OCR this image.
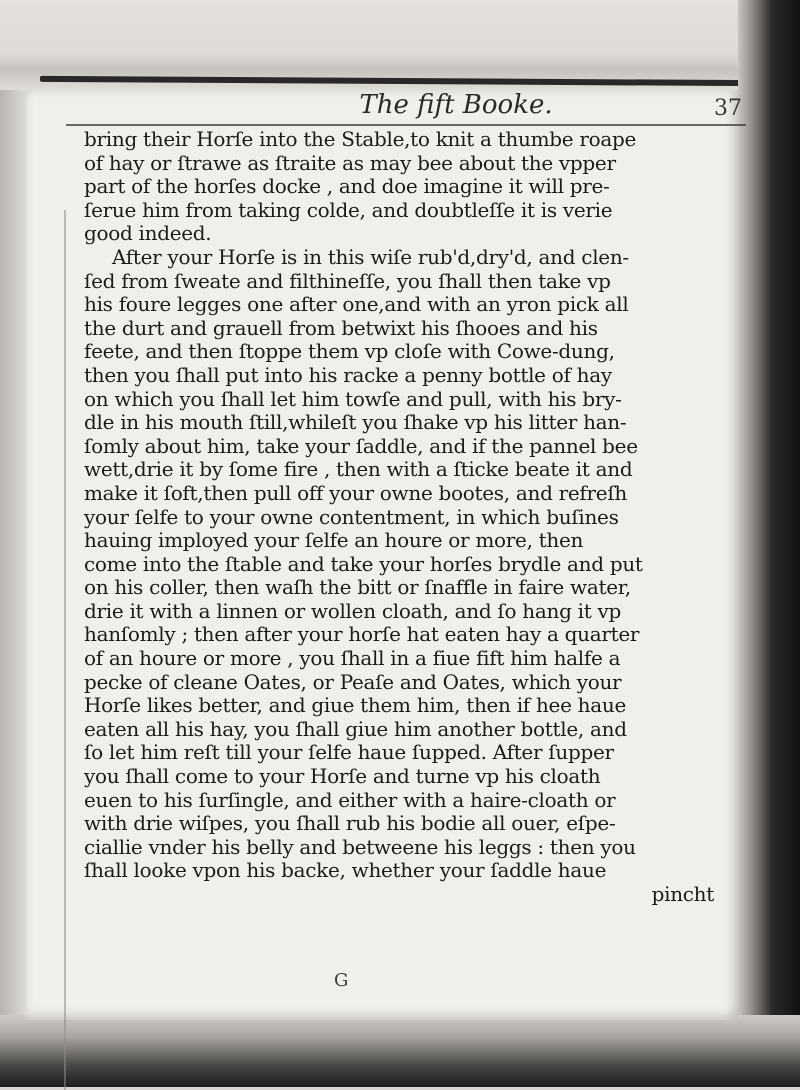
The fift Booke.	37
bring their Horſe into the Stable,to knit a thumbe roape
of hay or ſtrawe as ſtraite as may bee about the vpper
part of the horſes docke , and doe imagine it will pre-
ſerue him from taking colde, and doubtleſſe it is verie
good indeed.
After your Horſe is in this wiſe rub'd,dry'd, and clen-
ſed from ſweate and filthineſſe, you ſhall then take vp
his foure legges one after one,and with an yron pick all
the durt and grauell from betwixt his ſhooes and his
feete, and then ſtoppe them vp cloſe with Cowe-dung,
then you ſhall put into his racke a penny bottle of hay
on which you ſhall let him towſe and pull, with his bry-
dle in his mouth ſtill,whileſt you ſhake vp his litter han-
ſomly about him, take your ſaddle, and if the pannel bee
wett,drie it by ſome fire , then with a ſticke beate it and
make it ſoft,then pull off your owne bootes, and refreſh
your ſelfe to your owne contentment, in which buſines
hauing imployed your ſelfe an houre or more, then
come into the ſtable and take your horſes brydle and put
on his coller, then waſh the bitt or ſnaffle in faire water,
drie it with a linnen or wollen cloath, and ſo hang it vp
hanſomly ; then after your horſe hat eaten hay a quarter
of an houre or more , you ſhall in a fiue fift him halfe a
pecke of cleane Oates, or Peaſe and Oates, which your
Horſe likes better, and giue them him, then if hee haue
eaten all his hay, you ſhall giue him another bottle, and
ſo let him reſt till your ſelfe haue ſupped. After ſupper
you ſhall come to your Horſe and turne vp his cloath
euen to his ſurſingle, and either with a haire-cloath or
with drie wiſpes, you ſhall rub his bodie all ouer, eſpe-
ciallie vnder his belly and betweene his leggs : then you
ſhall looke vpon his backe, whether your ſaddle haue
pincht
G
